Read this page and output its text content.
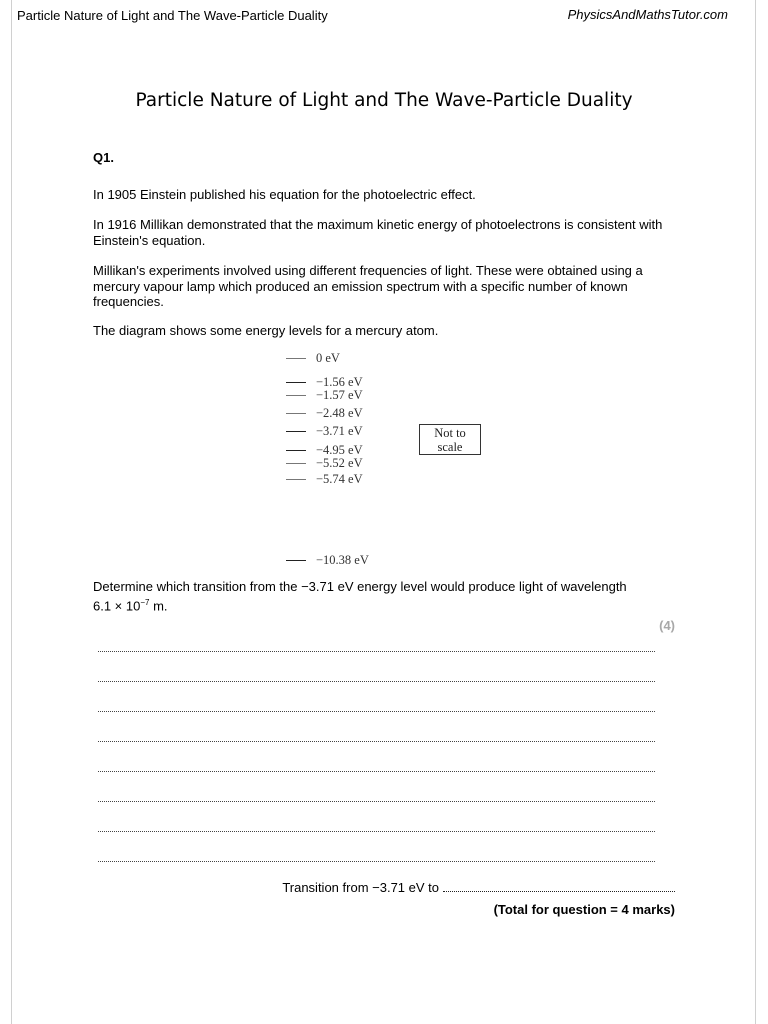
Particle Nature of Light and The Wave-Particle Duality	PhysicsAndMathsTutor.com
Particle Nature of Light and The Wave-Particle Duality
Q1.
In 1905 Einstein published his equation for the photoelectric effect.
In 1916 Millikan demonstrated that the maximum kinetic energy of photoelectrons is consistent with Einstein's equation.
Millikan's experiments involved using different frequencies of light. These were obtained using a mercury vapour lamp which produced an emission spectrum with a specific number of known frequencies.
The diagram shows some energy levels for a mercury atom.
0 eV
−1.56 eV
−1.57 eV
−2.48 eV
−3.71 eV
−4.95 eV
−5.52 eV
−5.74 eV
−10.38 eV
Not to
scale
Determine which transition from the −3.71 eV energy level would produce light of wavelength
$6.1 \times 10^{-7}$ m.
(4)
Transition from −3.71 eV to
(Total for question = 4 marks)
